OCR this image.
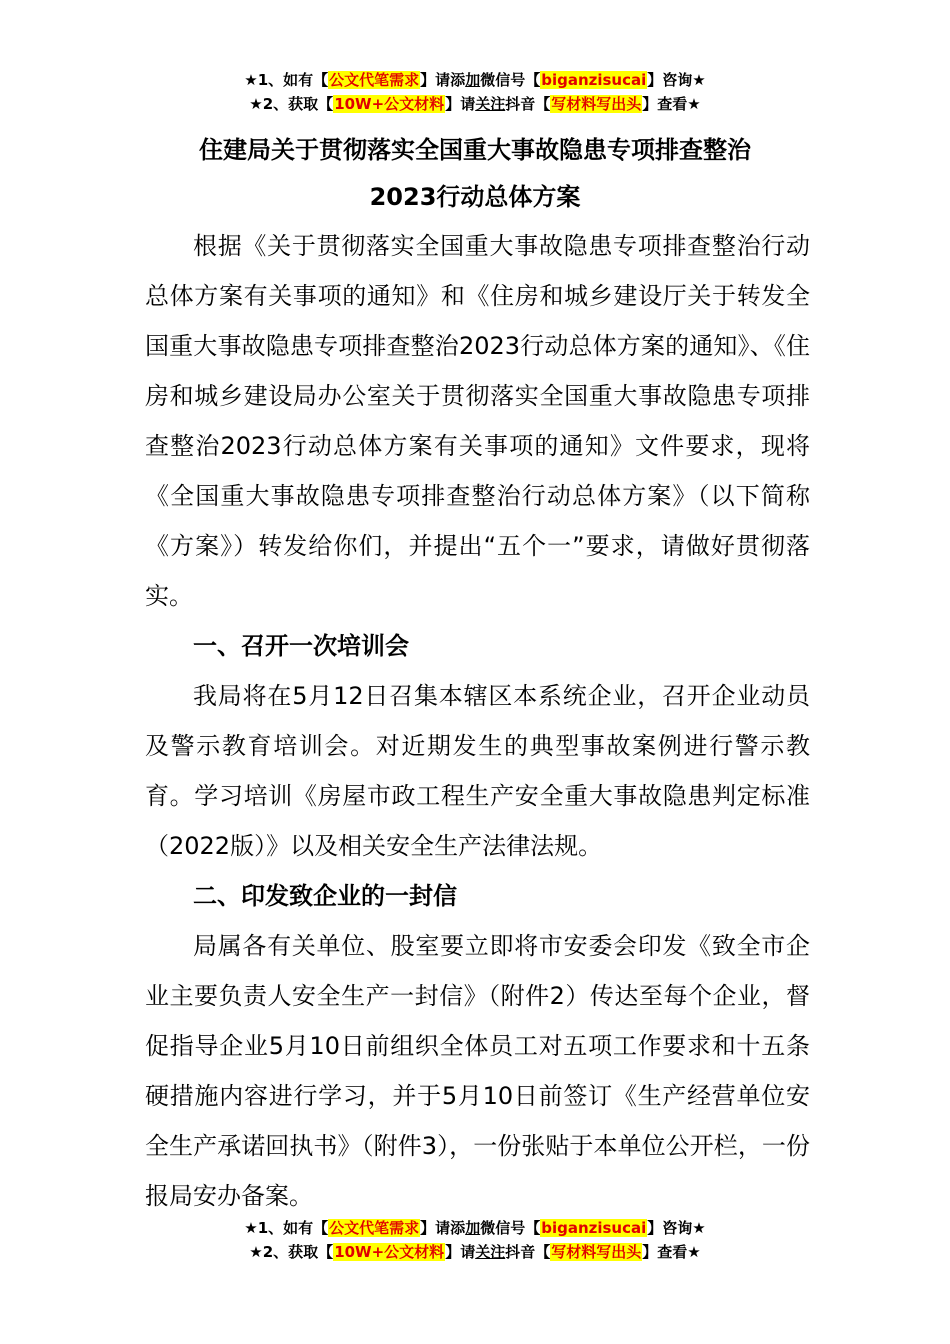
★1、如有【公文代笔需求】请添加微信号【biganzisucai】咨询★
★2、获取【10W+公文材料】请关注抖音【写材料写出头】查看★
住建局关于贯彻落实全国重大事故隐患专项排查整治
2023行动总体方案

根据《关于贯彻落实全国重大事故隐患专项排查整治行动总体方案有关事项的通知》和《住房和城乡建设厅关于转发全国重大事故隐患专项排查整治2023行动总体方案的通知》、《住房和城乡建设局办公室关于贯彻落实全国重大事故隐患专项排查整治2023行动总体方案有关事项的通知》文件要求，现将《全国重大事故隐患专项排查整治行动总体方案》（以下简称《方案》）转发给你们，并提出“五个一”要求，请做好贯彻落实。

一、召开一次培训会

我局将在5月12日召集本辖区本系统企业，召开企业动员及警示教育培训会。对近期发生的典型事故案例进行警示教育。学习培训《房屋市政工程生产安全重大事故隐患判定标准（2022版）》以及相关安全生产法律法规。

二、印发致企业的一封信

局属各有关单位、股室要立即将市安委会印发《致全市企业主要负责人安全生产一封信》（附件2）传达至每个企业，督促指导企业5月10日前组织全体员工对五项工作要求和十五条硬措施内容进行学习，并于5月10日前签订《生产经营单位安全生产承诺回执书》（附件3），一份张贴于本单位公开栏，一份报局安办备案。

★1、如有【公文代笔需求】请添加微信号【biganzisucai】咨询★
★2、获取【10W+公文材料】请关注抖音【写材料写出头】查看★
